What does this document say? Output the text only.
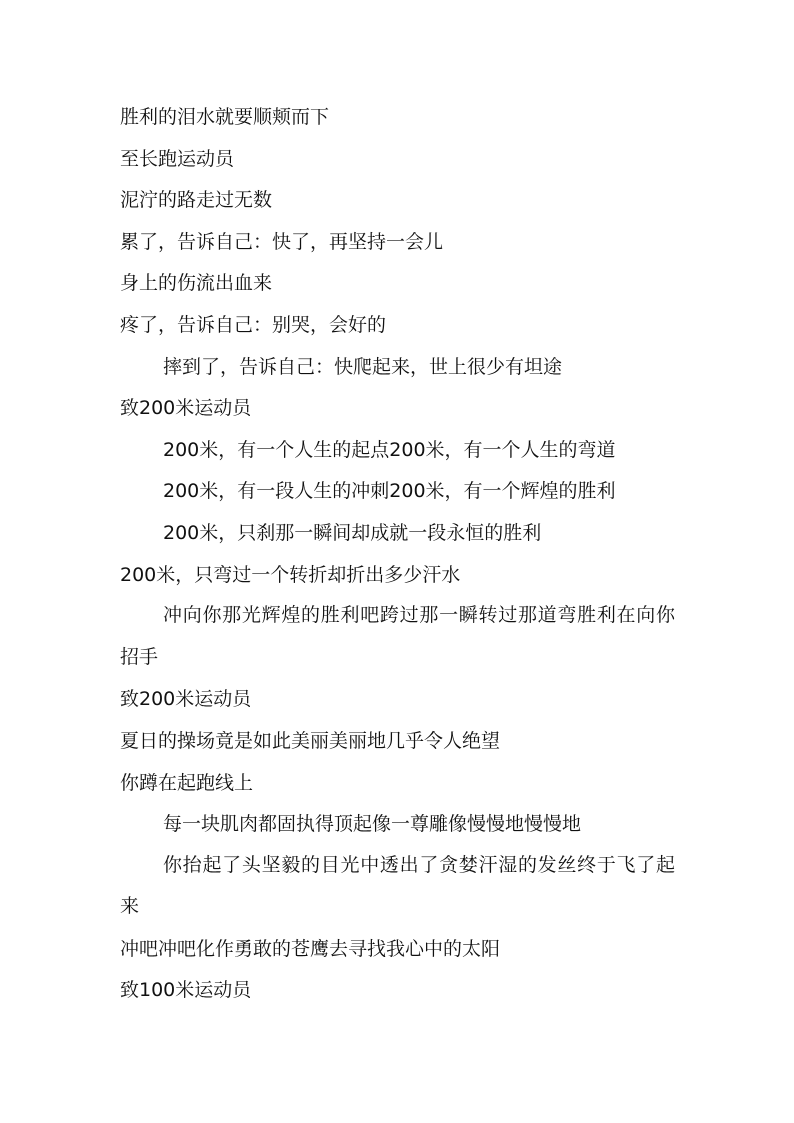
胜利的泪水就要顺颊而下
至长跑运动员
泥泞的路走过无数
累了，告诉自己：快了，再坚持一会儿
身上的伤流出血来
疼了，告诉自己：别哭，会好的
摔到了，告诉自己：快爬起来，世上很少有坦途
致200米运动员
200米，有一个人生的起点200米，有一个人生的弯道
200米，有一段人生的冲刺200米，有一个辉煌的胜利
200米，只刹那一瞬间却成就一段永恒的胜利
200米，只弯过一个转折却折出多少汗水
冲向你那光辉煌的胜利吧跨过那一瞬转过那道弯胜利在向你招手
致200米运动员
夏日的操场竟是如此美丽美丽地几乎令人绝望
你蹲在起跑线上
每一块肌肉都固执得顶起像一尊雕像慢慢地慢慢地
你抬起了头坚毅的目光中透出了贪婪汗湿的发丝终于飞了起来
冲吧冲吧化作勇敢的苍鹰去寻找我心中的太阳
致100米运动员
